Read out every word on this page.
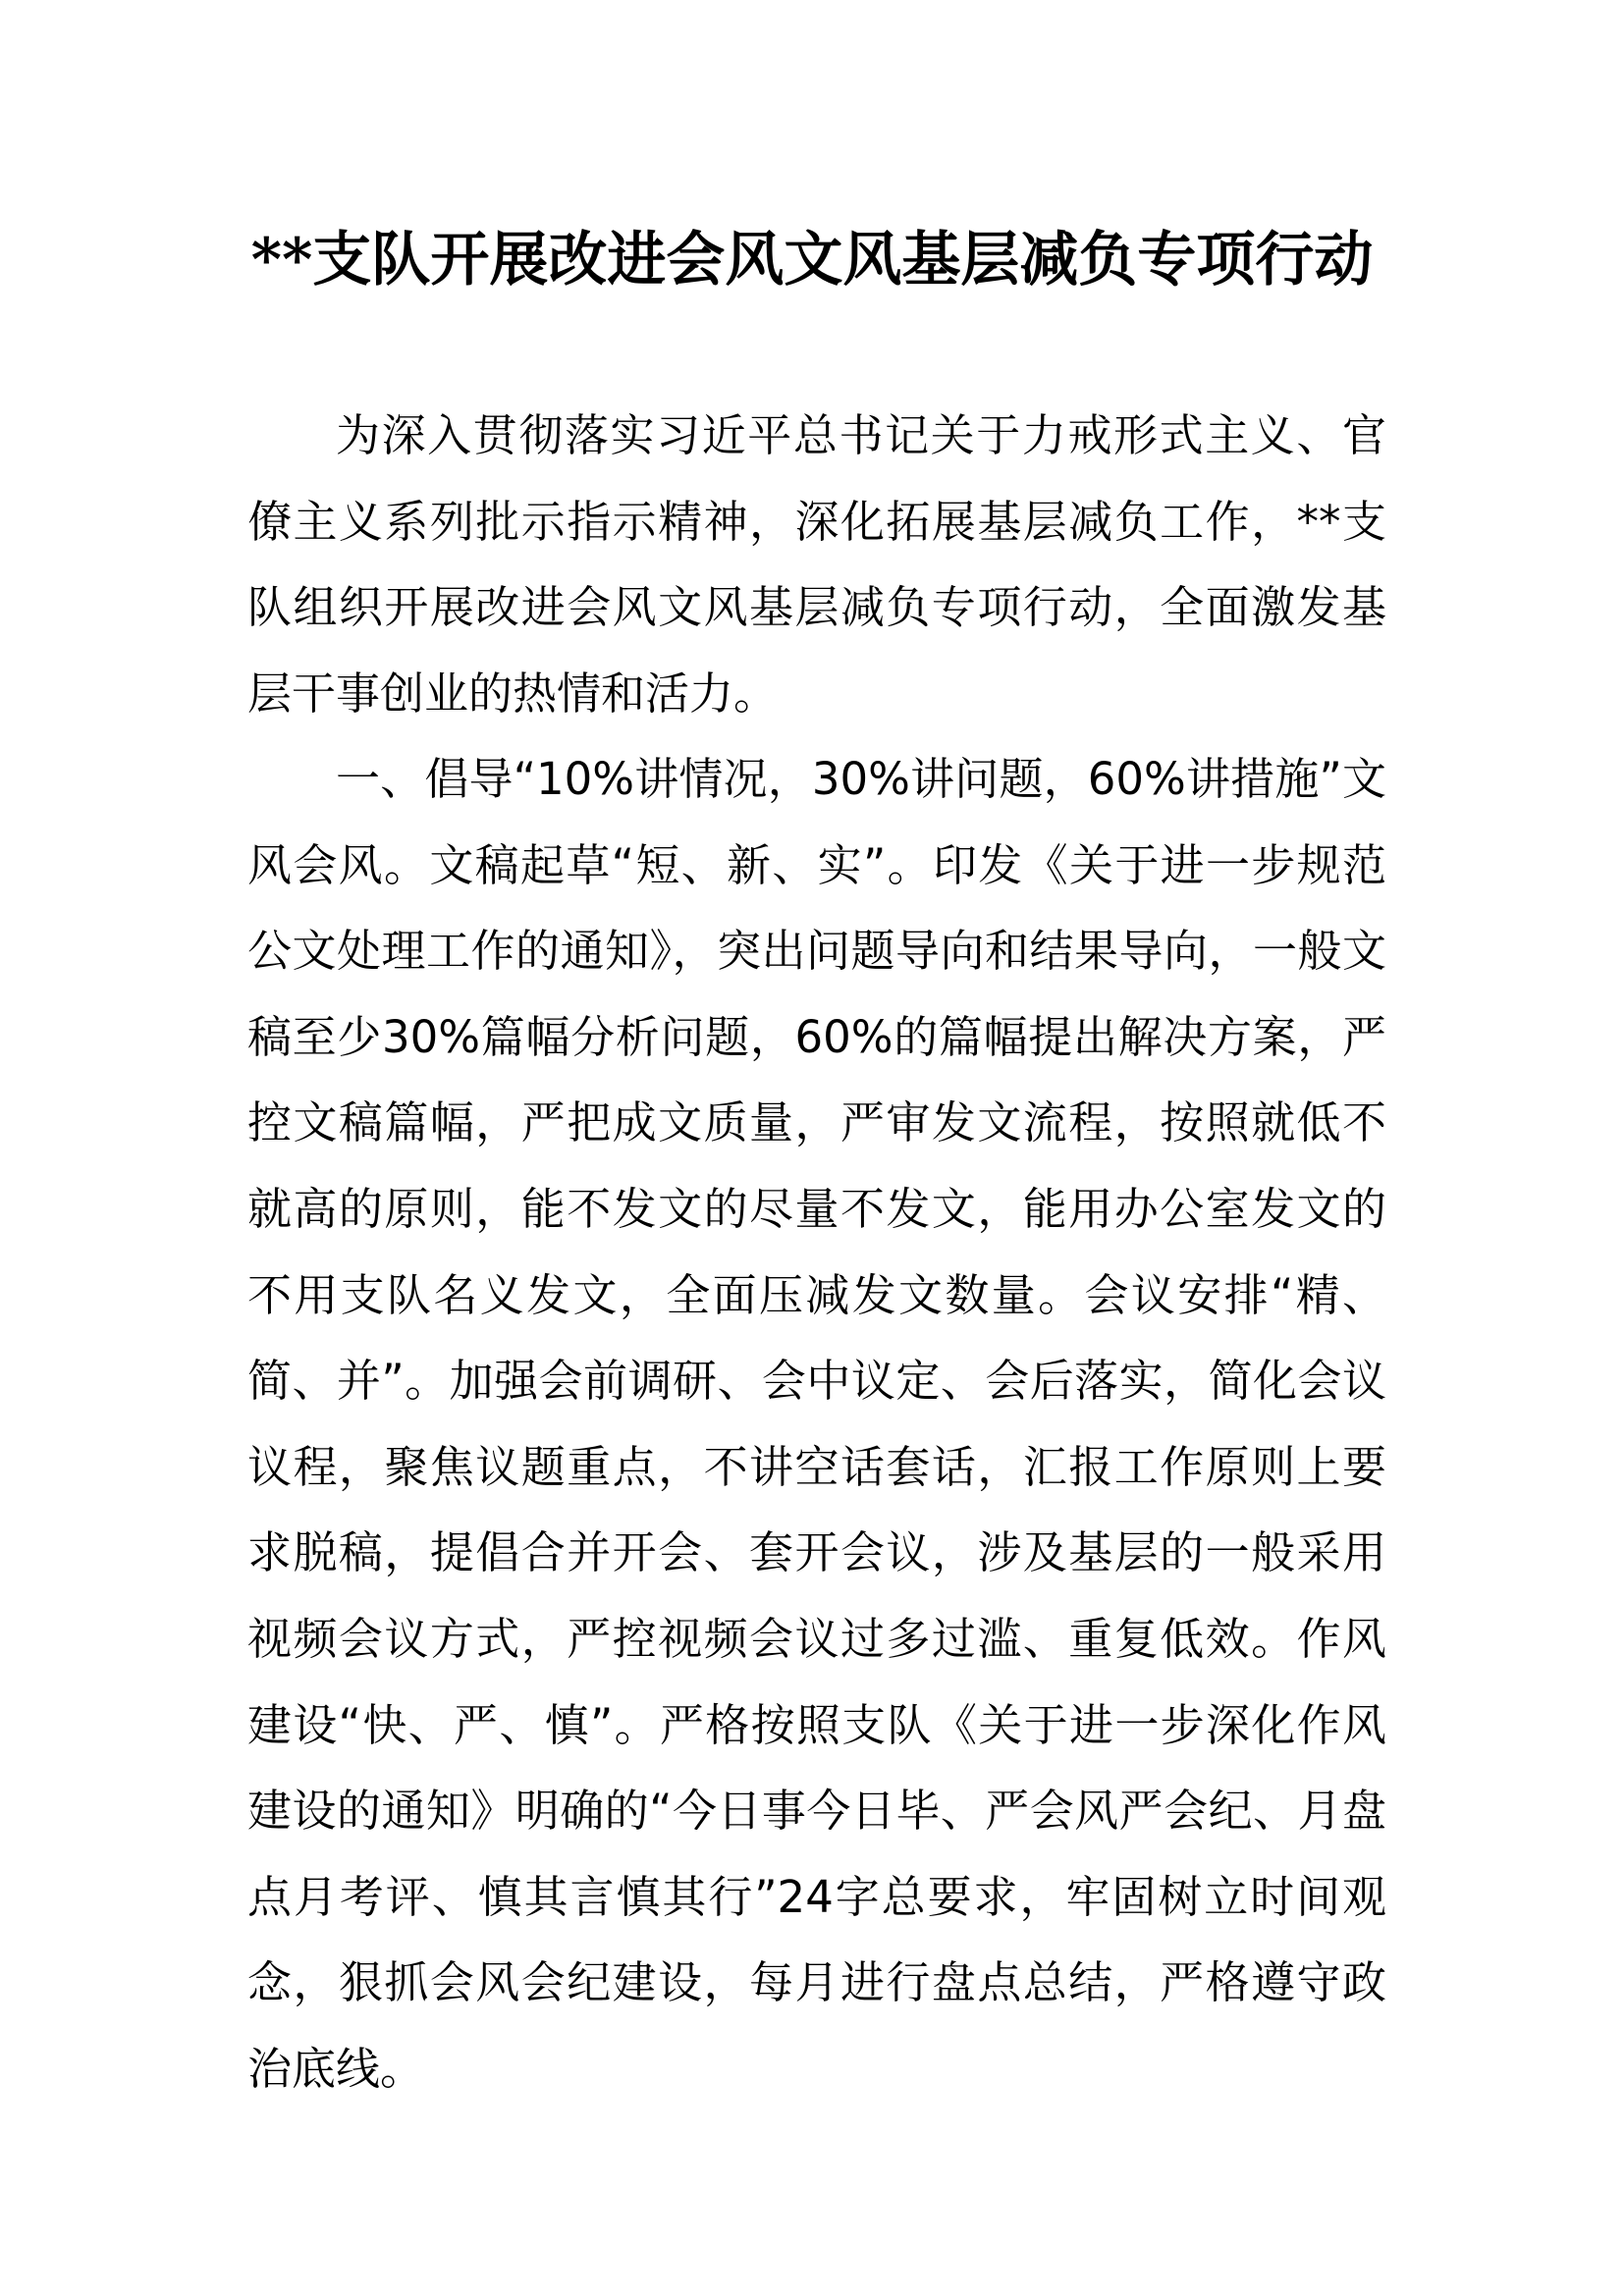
**支队开展改进会风文风基层减负专项行动

为深入贯彻落实习近平总书记关于力戒形式主义、官僚主义系列批示指示精神，深化拓展基层减负工作，**支队组织开展改进会风文风基层减负专项行动，全面激发基层干事创业的热情和活力。

一、倡导“10%讲情况，30%讲问题，60%讲措施”文风会风。文稿起草“短、新、实”。印发《关于进一步规范公文处理工作的通知》，突出问题导向和结果导向，一般文稿至少30%篇幅分析问题，60%的篇幅提出解决方案，严控文稿篇幅，严把成文质量，严审发文流程，按照就低不就高的原则，能不发文的尽量不发文，能用办公室发文的不用支队名义发文，全面压减发文数量。会议安排“精、简、并”。加强会前调研、会中议定、会后落实，简化会议议程，聚焦议题重点，不讲空话套话，汇报工作原则上要求脱稿，提倡合并开会、套开会议，涉及基层的一般采用视频会议方式，严控视频会议过多过滥、重复低效。作风建设“快、严、慎”。严格按照支队《关于进一步深化作风建设的通知》明确的“今日事今日毕、严会风严会纪、月盘点月考评、慎其言慎其行”24字总要求，牢固树立时间观念，狠抓会风会纪建设，每月进行盘点总结，严格遵守政治底线。
